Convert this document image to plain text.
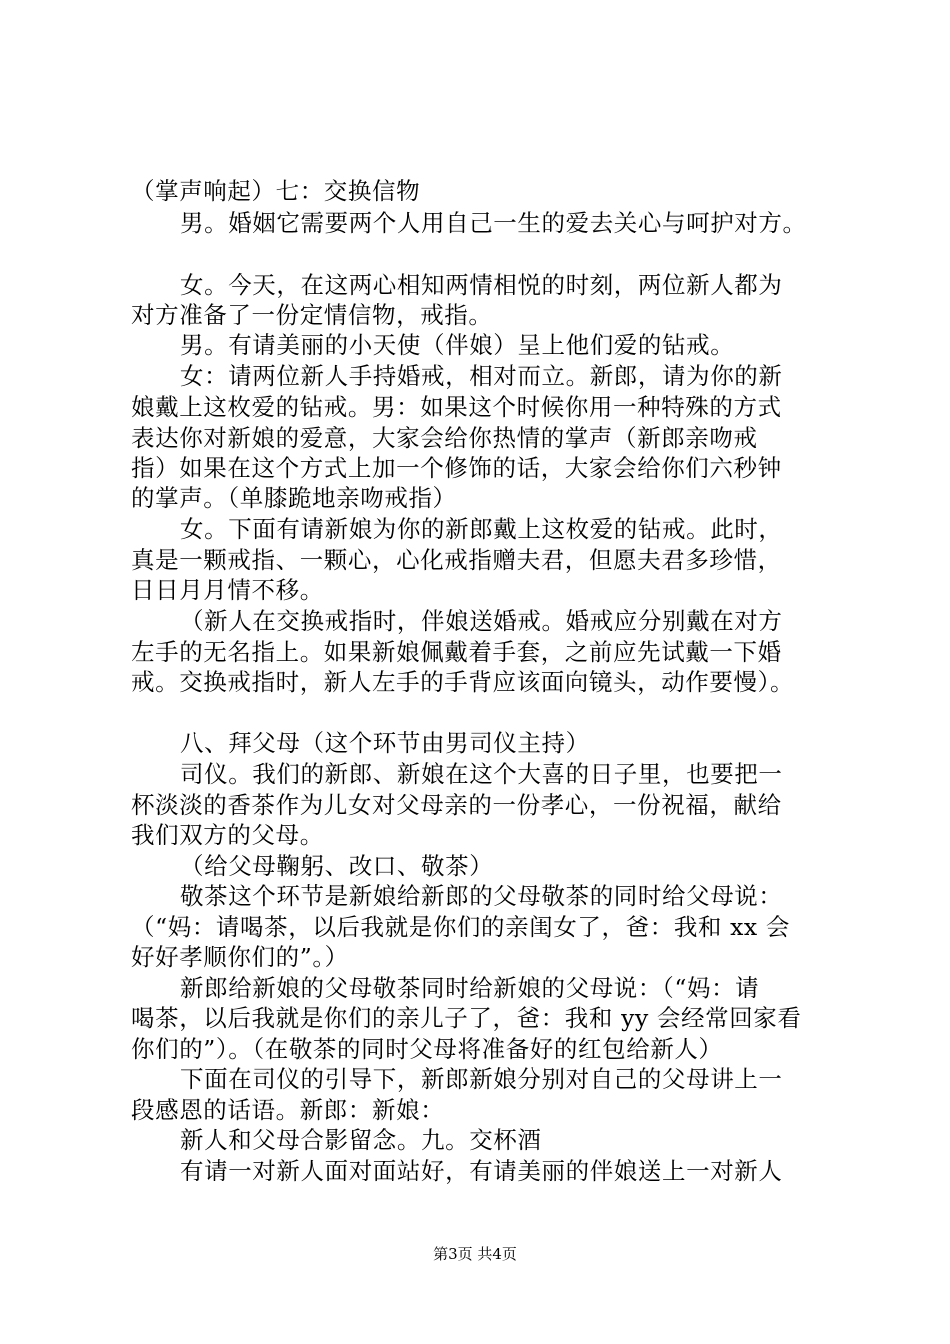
（掌声响起）七：交换信物
男。婚姻它需要两个人用自己一生的爱去关心与呵护对方。
女。今天，在这两心相知两情相悦的时刻，两位新人都为
对方准备了一份定情信物，戒指。
男。有请美丽的小天使（伴娘）呈上他们爱的钻戒。
女：请两位新人手持婚戒，相对而立。新郎，请为你的新
娘戴上这枚爱的钻戒。男：如果这个时候你用一种特殊的方式
表达你对新娘的爱意，大家会给你热情的掌声（新郎亲吻戒
指）如果在这个方式上加一个修饰的话，大家会给你们六秒钟
的掌声。（单膝跪地亲吻戒指）
女。下面有请新娘为你的新郎戴上这枚爱的钻戒。此时，
真是一颗戒指、一颗心，心化戒指赠夫君，但愿夫君多珍惜，
日日月月情不移。
（新人在交换戒指时，伴娘送婚戒。婚戒应分别戴在对方
左手的无名指上。如果新娘佩戴着手套，之前应先试戴一下婚
戒。交换戒指时，新人左手的手背应该面向镜头，动作要慢）。
八、拜父母（这个环节由男司仪主持）
司仪。我们的新郎、新娘在这个大喜的日子里，也要把一
杯淡淡的香茶作为儿女对父母亲的一份孝心，一份祝福，献给
我们双方的父母。
（给父母鞠躬、改口、敬茶）
敬茶这个环节是新娘给新郎的父母敬茶的同时给父母说：
（“妈：请喝茶，以后我就是你们的亲闺女了，爸：我和 xx 会
好好孝顺你们的”。）
新郎给新娘的父母敬茶同时给新娘的父母说：（“妈：请
喝茶，以后我就是你们的亲儿子了，爸：我和 yy 会经常回家看
你们的”）。（在敬茶的同时父母将准备好的红包给新人）
下面在司仪的引导下，新郎新娘分别对自己的父母讲上一
段感恩的话语。新郎：新娘：
新人和父母合影留念。九。交杯酒
有请一对新人面对面站好，有请美丽的伴娘送上一对新人
第3页 共4页
